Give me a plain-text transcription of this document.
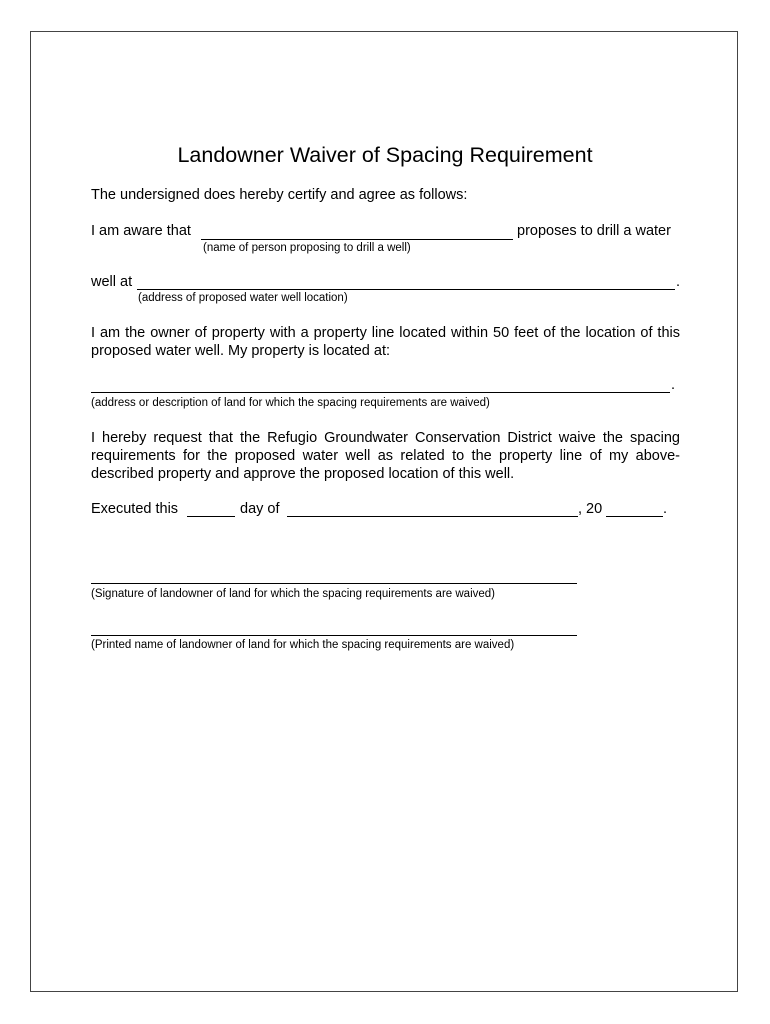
Landowner Waiver of Spacing Requirement
The undersigned does hereby certify and agree as follows:
I am aware that	proposes to drill a water
(name of person proposing to drill a well)
well at	.
(address of proposed water well location)
I am the owner of property with a property line located within 50 feet of the location of this proposed water well. My property is located at:
.
(address or description of land for which the spacing requirements are waived)
I hereby request that the Refugio Groundwater Conservation District waive the spacing requirements for the proposed water well as related to the property line of my above-described property and approve the proposed location of this well.
Executed this	day of	, 20	.
(Signature of landowner of land for which the spacing requirements are waived)
(Printed name of landowner of land for which the spacing requirements are waived)
